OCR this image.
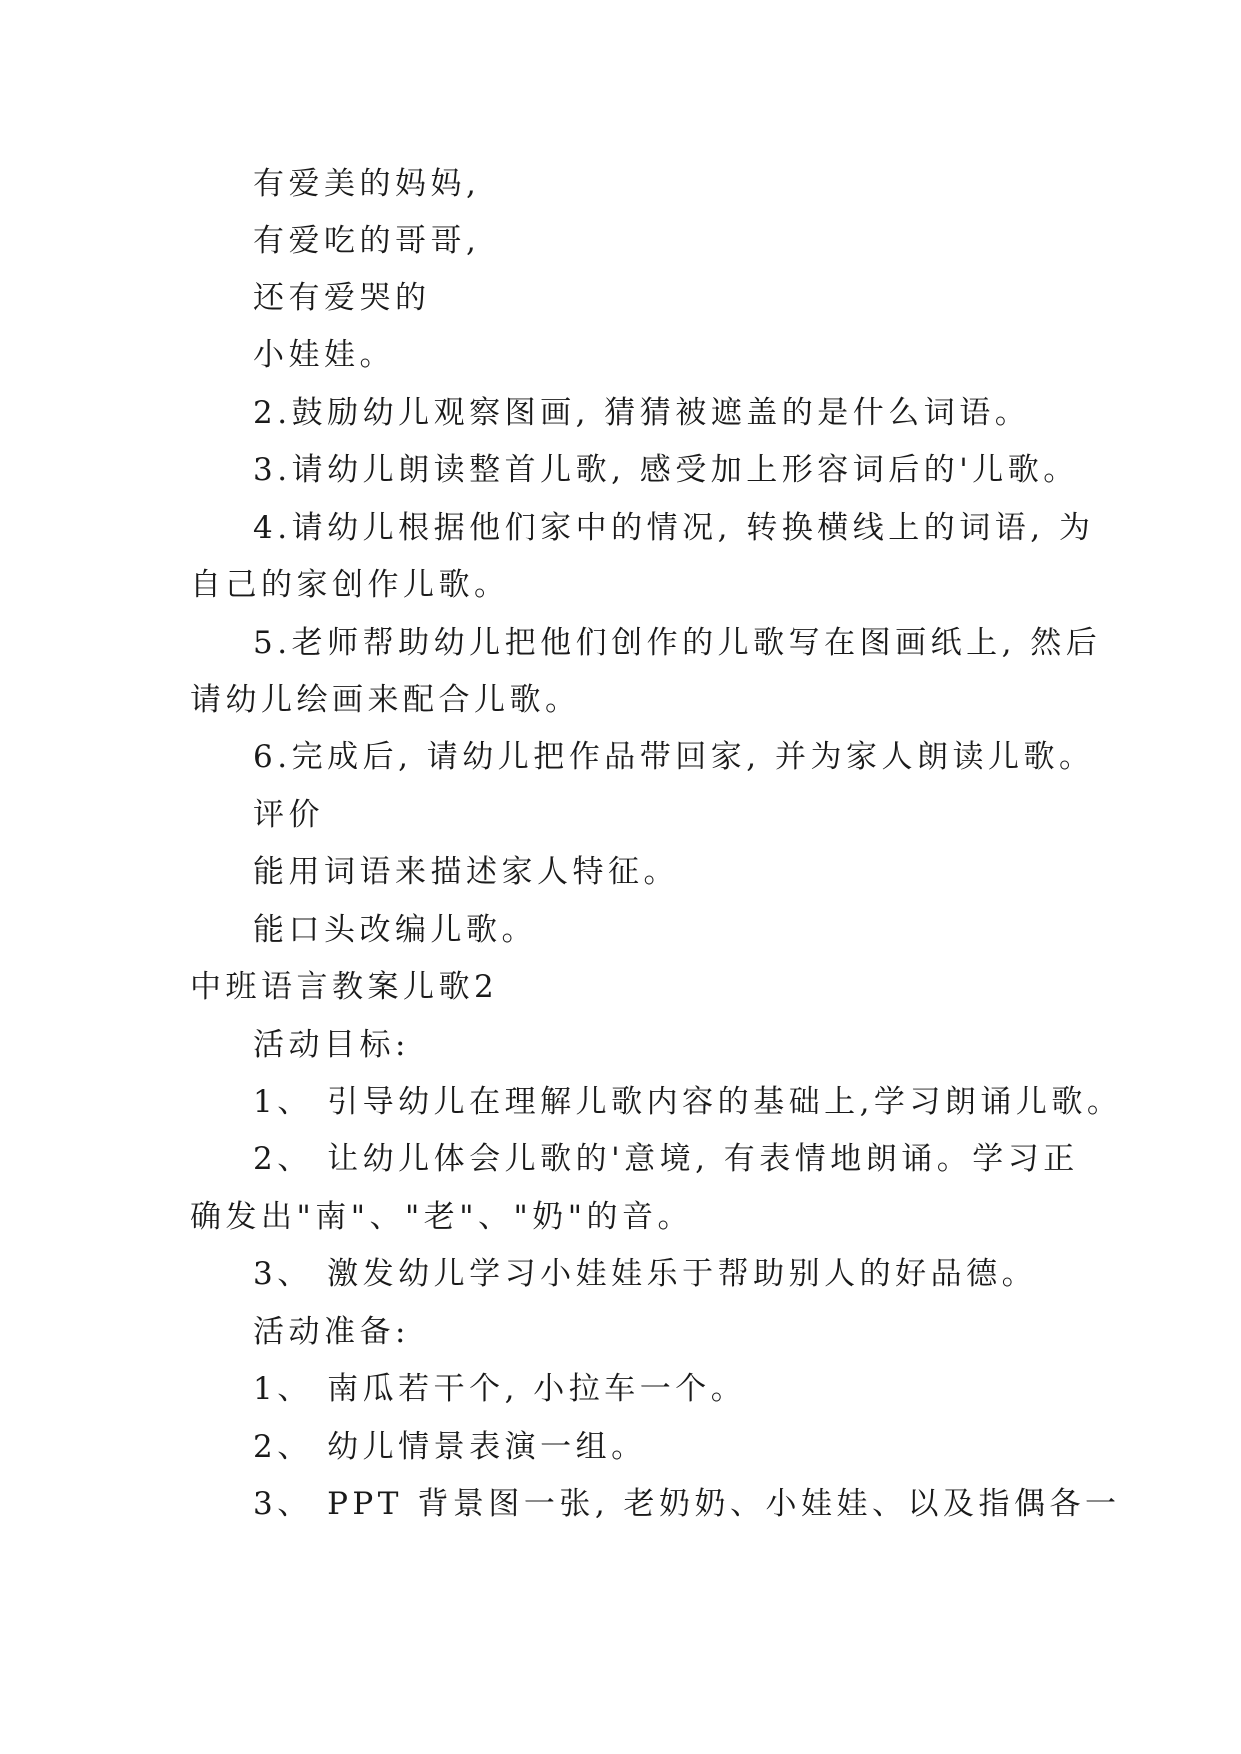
有爱美的妈妈,
有爱吃的哥哥,
还有爱哭的
小娃娃。
2.鼓励幼儿观察图画, 猜猜被遮盖的是什么词语。
3.请幼儿朗读整首儿歌, 感受加上形容词后的'儿歌。
4.请幼儿根据他们家中的情况, 转换横线上的词语, 为
自己的家创作儿歌。
5.老师帮助幼儿把他们创作的儿歌写在图画纸上, 然后
请幼儿绘画来配合儿歌。
6.完成后, 请幼儿把作品带回家, 并为家人朗读儿歌。
评价
能用词语来描述家人特征。
能口头改编儿歌。
中班语言教案儿歌2
活动目标:
1、 引导幼儿在理解儿歌内容的基础上,学习朗诵儿歌。
2、 让幼儿体会儿歌的'意境, 有表情地朗诵。学习正
确发出"南"、"老"、"奶"的音。
3、 激发幼儿学习小娃娃乐于帮助别人的好品德。
活动准备:
1、 南瓜若干个, 小拉车一个。
2、 幼儿情景表演一组。
3、 PPT 背景图一张, 老奶奶、小娃娃、以及指偶各一
